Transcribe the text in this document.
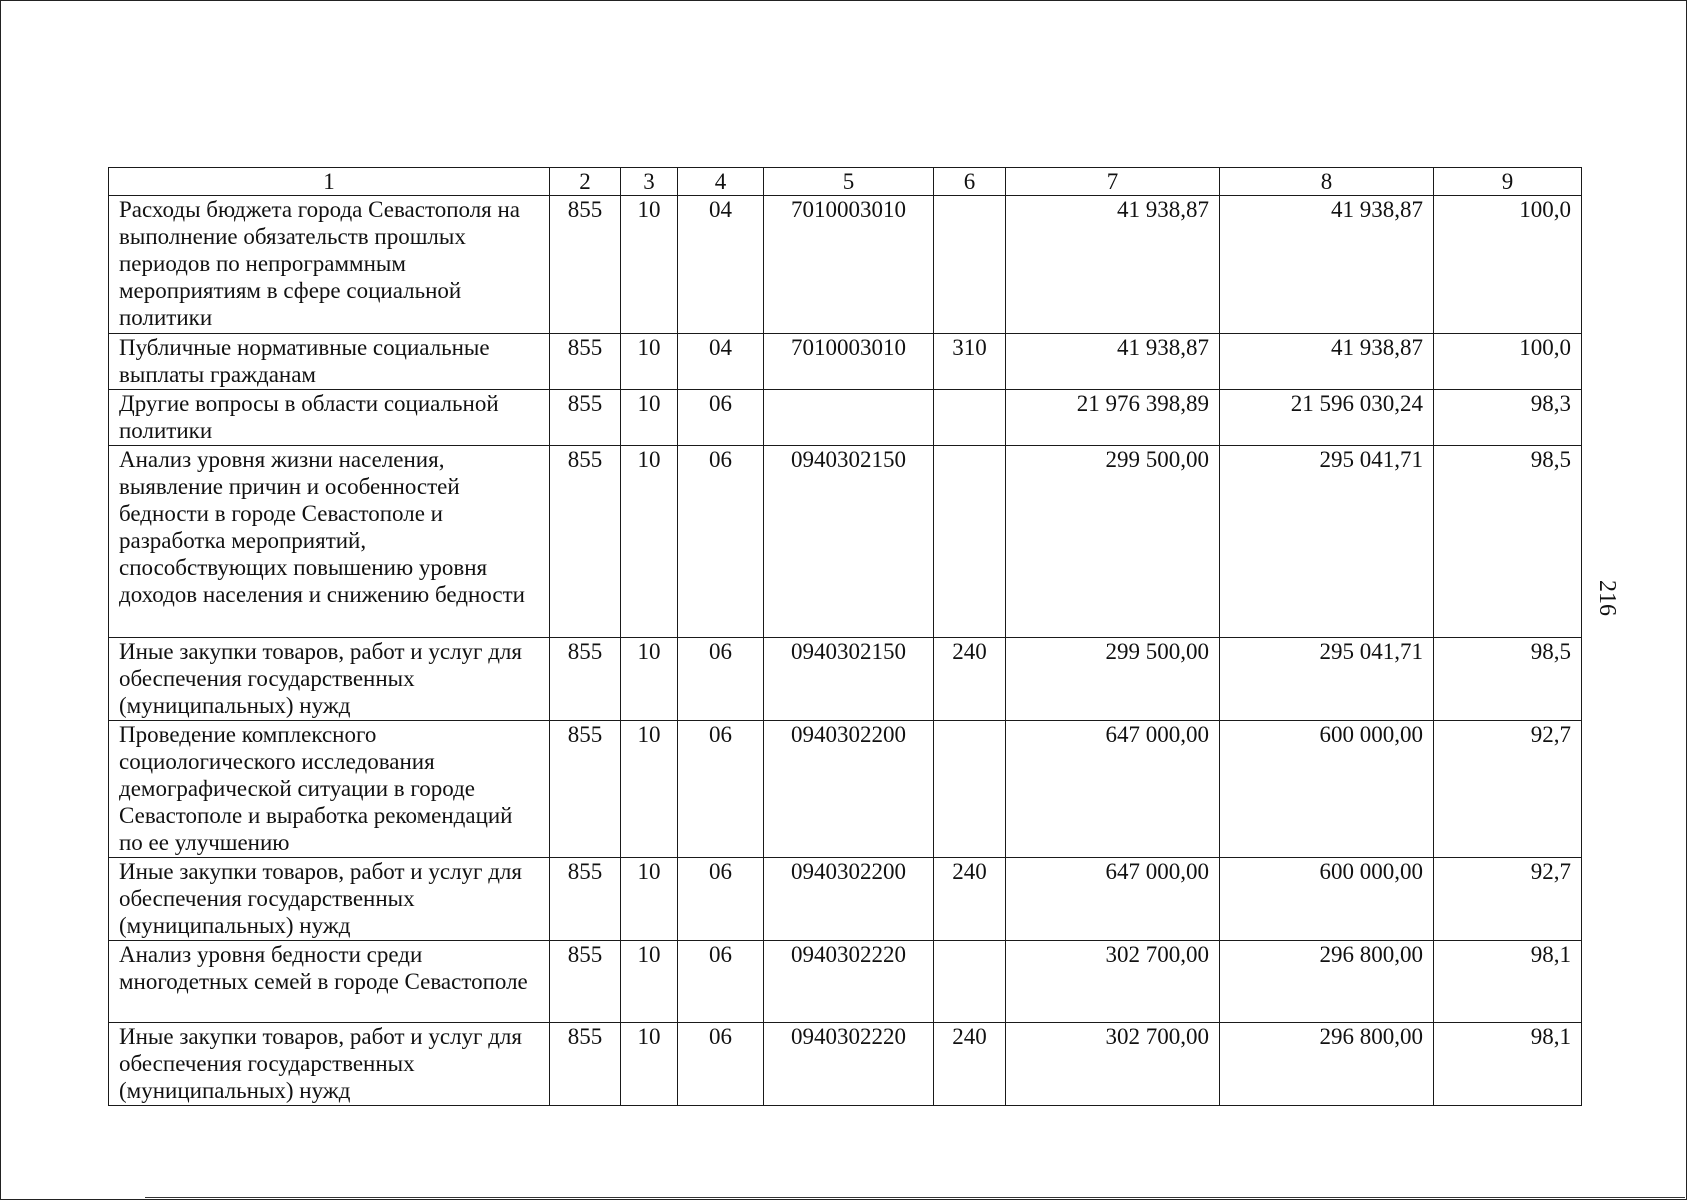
1	2	3	4	5	6	7	8	9
Расходы бюджета города Севастополя на выполнение обязательств прошлых периодов по непрограммным мероприятиям в сфере социальной политики	855	10	04	7010003010		41 938,87	41 938,87	100,0
Публичные нормативные социальные выплаты гражданам	855	10	04	7010003010	310	41 938,87	41 938,87	100,0
Другие вопросы в области социальной политики	855	10	06			21 976 398,89	21 596 030,24	98,3
Анализ уровня жизни населения, выявление причин и особенностей бедности в городе Севастополе и разработка мероприятий, способствующих повышению уровня доходов населения и снижению бедности	855	10	06	0940302150		299 500,00	295 041,71	98,5
Иные закупки товаров, работ и услуг для обеспечения государственных (муниципальных) нужд	855	10	06	0940302150	240	299 500,00	295 041,71	98,5
Проведение комплексного социологического исследования демографической ситуации в городе Севастополе и выработка рекомендаций по ее улучшению	855	10	06	0940302200		647 000,00	600 000,00	92,7
Иные закупки товаров, работ и услуг для обеспечения государственных (муниципальных) нужд	855	10	06	0940302200	240	647 000,00	600 000,00	92,7
Анализ уровня бедности среди многодетных семей в городе Севастополе	855	10	06	0940302220		302 700,00	296 800,00	98,1
Иные закупки товаров, работ и услуг для обеспечения государственных (муниципальных) нужд	855	10	06	0940302220	240	302 700,00	296 800,00	98,1
216
